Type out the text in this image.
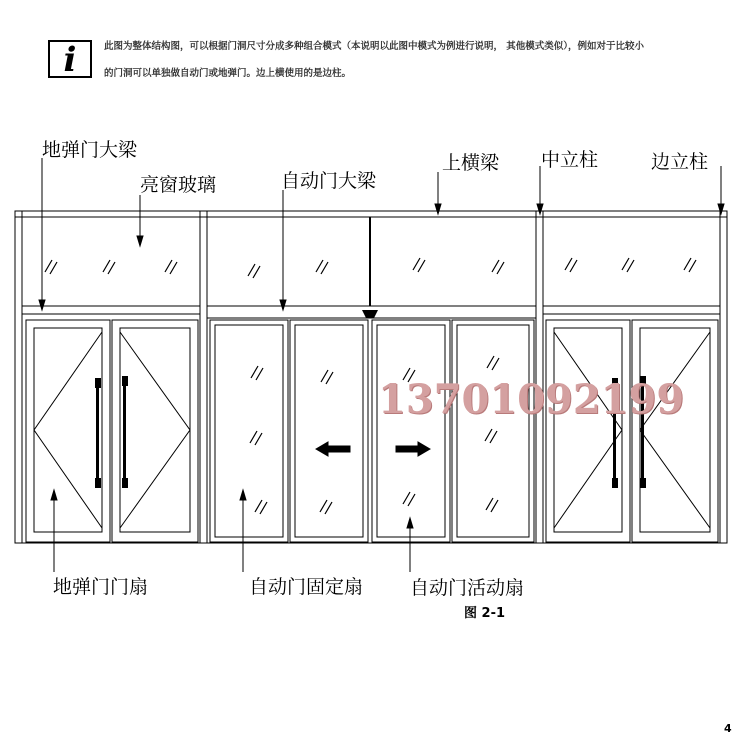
i	此图为整体结构图，可以根据门洞尺寸分成多种组合模式（本说明以此图中模式为例进行说明， 其他模式类似），例如对于比较小
的门洞可以单独做自动门或地弹门。边上横使用的是边柱。
地弹门大梁
亮窗玻璃	自动门大梁
上横梁 中立柱	边立柱
地弹门门扇	自动门固定扇 自动门活动扇
13701092199
图 2-1
4
